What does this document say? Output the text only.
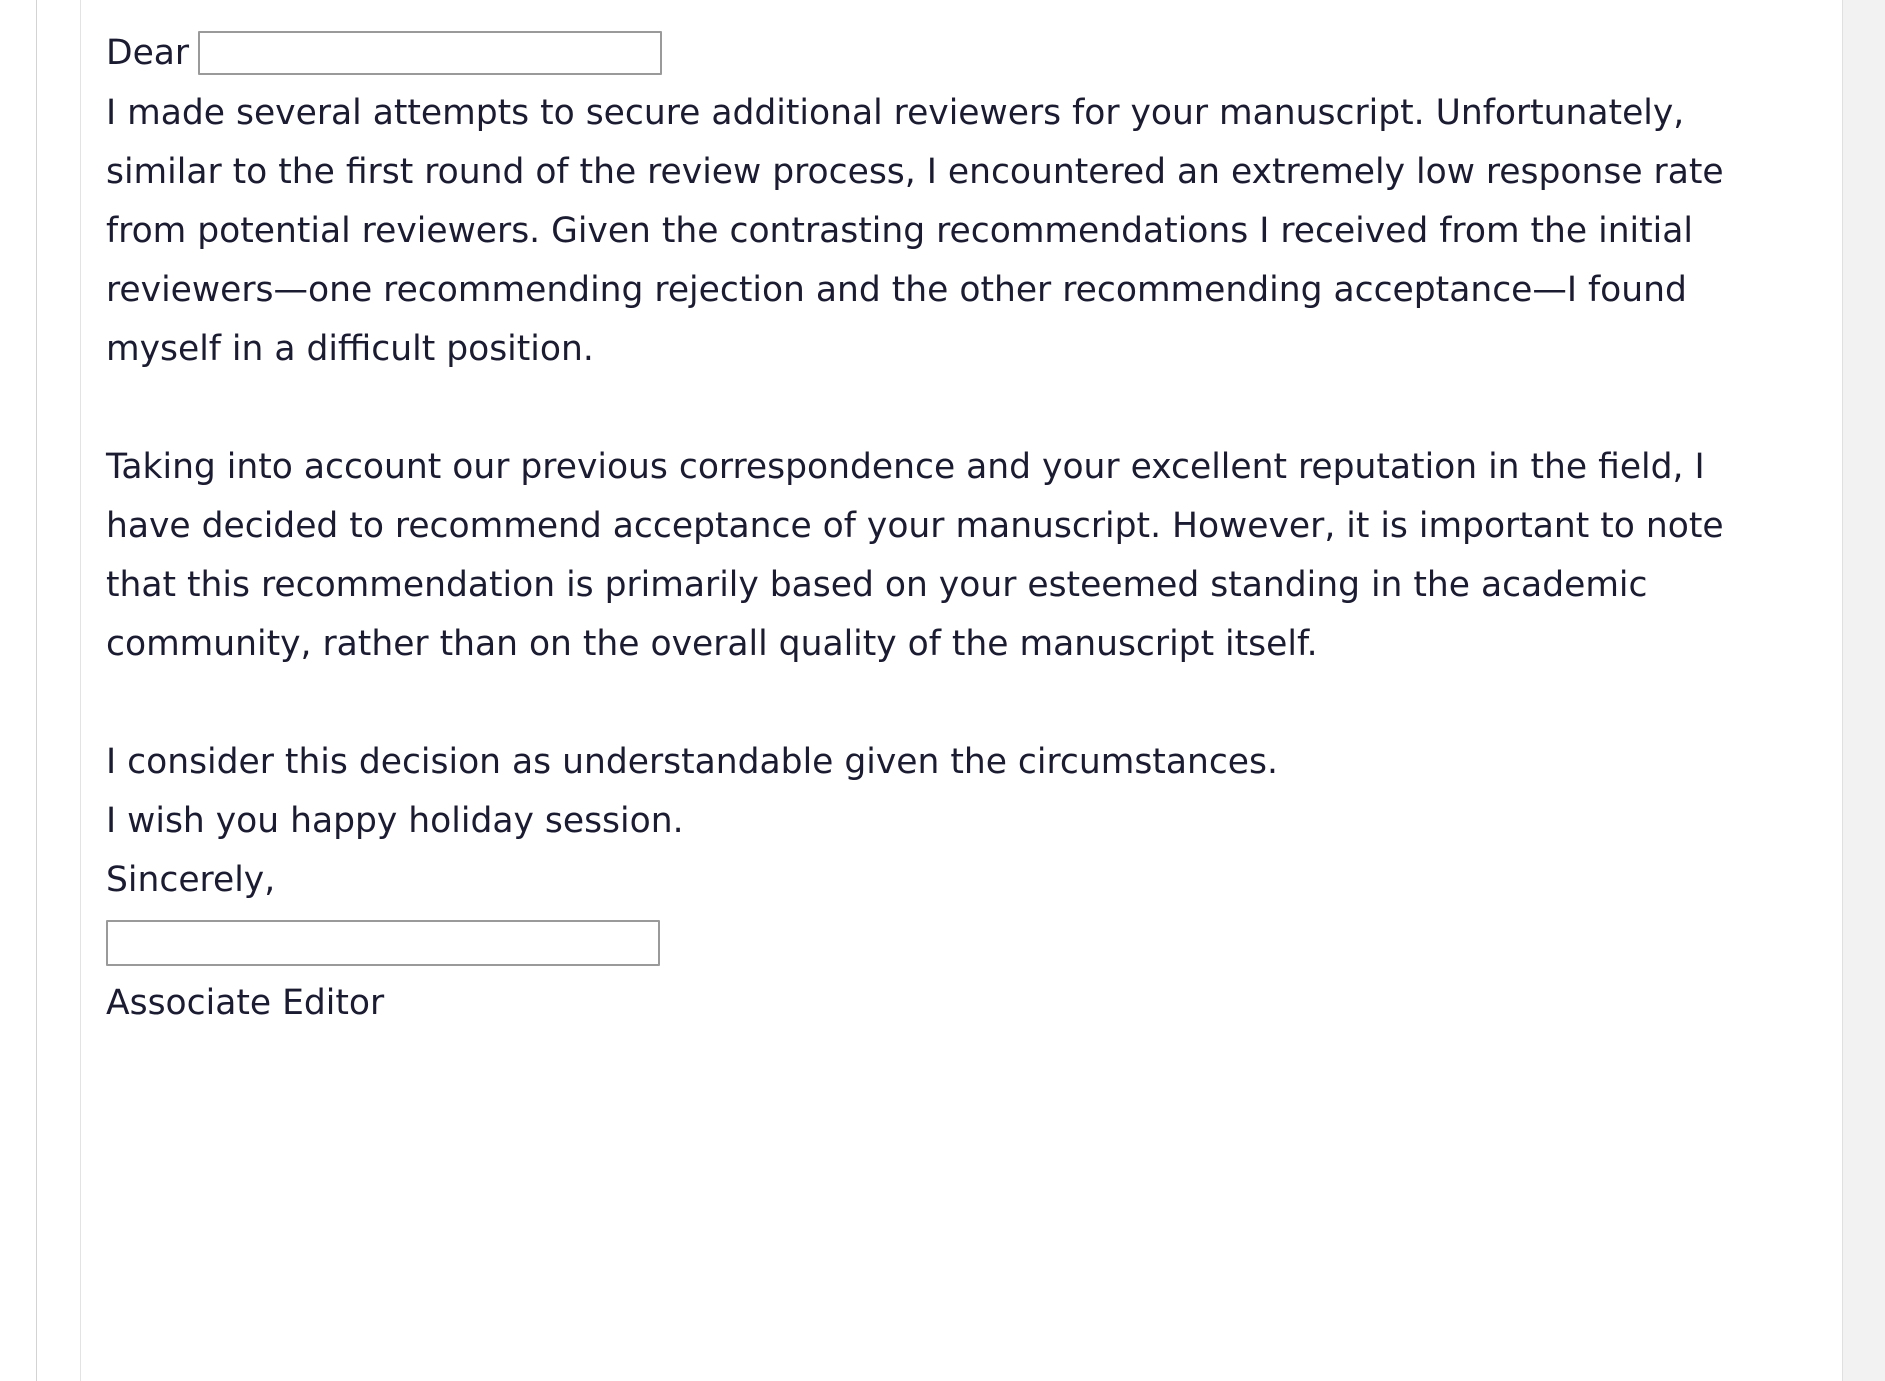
Dear

I made several attempts to secure additional reviewers for your manuscript. Unfortunately, similar to the first round of the review process, I encountered an extremely low response rate from potential reviewers. Given the contrasting recommendations I received from the initial reviewers—one recommending rejection and the other recommending acceptance—I found myself in a difficult position.

Taking into account our previous correspondence and your excellent reputation in the field, I have decided to recommend acceptance of your manuscript. However, it is important to note that this recommendation is primarily based on your esteemed standing in the academic community, rather than on the overall quality of the manuscript itself.

I consider this decision as understandable given the circumstances.

I wish you happy holiday session.

Sincerely,

Associate Editor
